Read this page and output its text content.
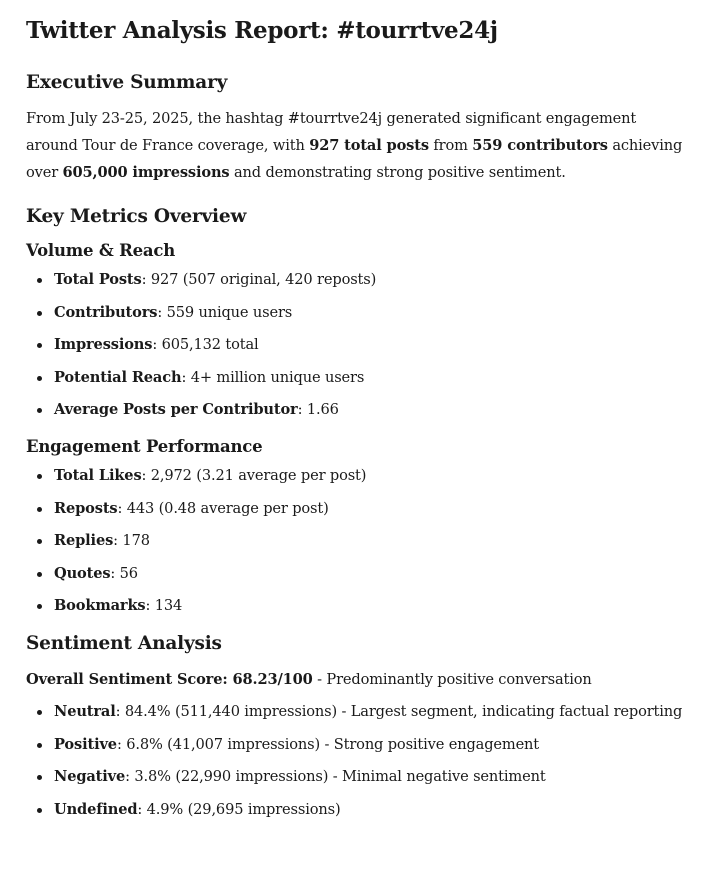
Twitter Analysis Report: #tourrtve24j
Executive Summary

From July 23-25, 2025, the hashtag #tourrtve24j generated significant engagement around Tour de France coverage, with 927 total posts from 559 contributors achieving over 605,000 impressions and demonstrating strong positive sentiment.

Key Metrics Overview
Volume & Reach
Total Posts: 927 (507 original, 420 reposts)
Contributors: 559 unique users
Impressions: 605,132 total
Potential Reach: 4+ million unique users
Average Posts per Contributor: 1.66
Engagement Performance
Total Likes: 2,972 (3.21 average per post)
Reposts: 443 (0.48 average per post)
Replies: 178
Quotes: 56
Bookmarks: 134
Sentiment Analysis

Overall Sentiment Score: 68.23/100 - Predominantly positive conversation

Neutral: 84.4% (511,440 impressions) - Largest segment, indicating factual reporting
Positive: 6.8% (41,007 impressions) - Strong positive engagement
Negative: 3.8% (22,990 impressions) - Minimal negative sentiment
Undefined: 4.9% (29,695 impressions)
